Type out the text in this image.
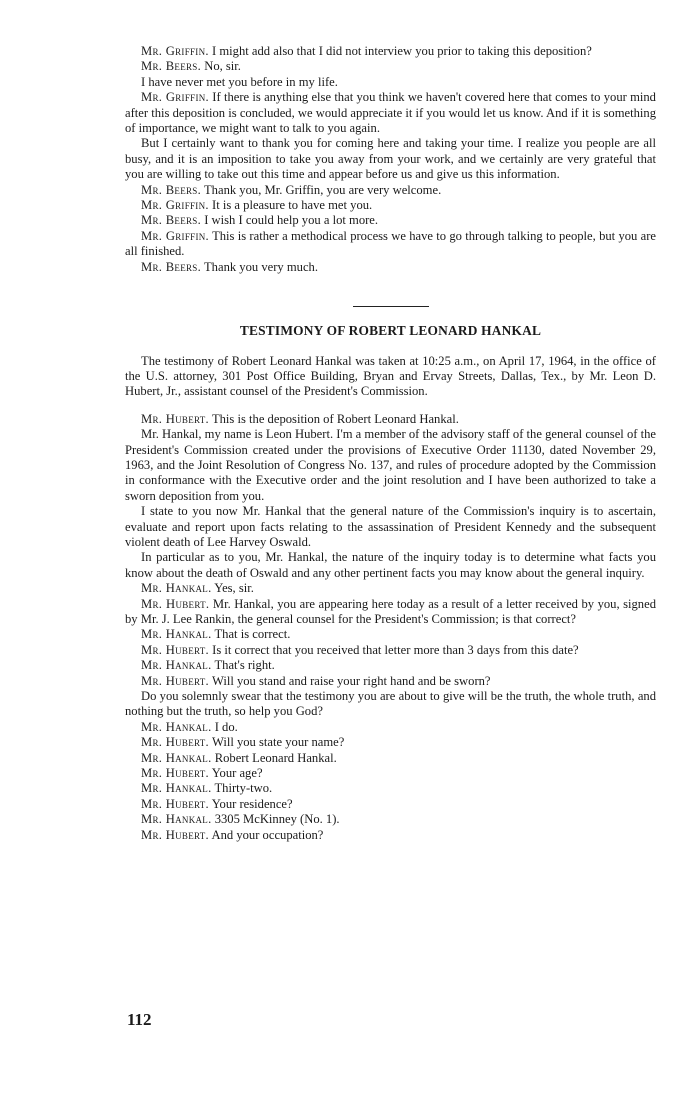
Mr. Griffin. I might add also that I did not interview you prior to taking this deposition?

Mr. Beers. No, sir.

I have never met you before in my life.

Mr. Griffin. If there is anything else that you think we haven't covered here that comes to your mind after this deposition is concluded, we would appreciate it if you would let us know. And if it is something of importance, we might want to talk to you again.

But I certainly want to thank you for coming here and taking your time. I realize you people are all busy, and it is an imposition to take you away from your work, and we certainly are very grateful that you are willing to take out this time and appear before us and give us this information.

Mr. Beers. Thank you, Mr. Griffin, you are very welcome.

Mr. Griffin. It is a pleasure to have met you.

Mr. Beers. I wish I could help you a lot more.

Mr. Griffin. This is rather a methodical process we have to go through talking to people, but you are all finished.

Mr. Beers. Thank you very much.

TESTIMONY OF ROBERT LEONARD HANKAL

The testimony of Robert Leonard Hankal was taken at 10:25 a.m., on April 17, 1964, in the office of the U.S. attorney, 301 Post Office Building, Bryan and Ervay Streets, Dallas, Tex., by Mr. Leon D. Hubert, Jr., assistant counsel of the President's Commission.

Mr. Hubert. This is the deposition of Robert Leonard Hankal.

Mr. Hankal, my name is Leon Hubert. I'm a member of the advisory staff of the general counsel of the President's Commission created under the provisions of Executive Order 11130, dated November 29, 1963, and the Joint Resolution of Congress No. 137, and rules of procedure adopted by the Commission in conformance with the Executive order and the joint resolution and I have been authorized to take a sworn deposition from you.

I state to you now Mr. Hankal that the general nature of the Commission's inquiry is to ascertain, evaluate and report upon facts relating to the assassination of President Kennedy and the subsequent violent death of Lee Harvey Oswald.

In particular as to you, Mr. Hankal, the nature of the inquiry today is to determine what facts you know about the death of Oswald and any other pertinent facts you may know about the general inquiry.

Mr. Hankal. Yes, sir.

Mr. Hubert. Mr. Hankal, you are appearing here today as a result of a letter received by you, signed by Mr. J. Lee Rankin, the general counsel for the President's Commission; is that correct?

Mr. Hankal. That is correct.

Mr. Hubert. Is it correct that you received that letter more than 3 days from this date?

Mr. Hankal. That's right.

Mr. Hubert. Will you stand and raise your right hand and be sworn?

Do you solemnly swear that the testimony you are about to give will be the truth, the whole truth, and nothing but the truth, so help you God?

Mr. Hankal. I do.

Mr. Hubert. Will you state your name?

Mr. Hankal. Robert Leonard Hankal.

Mr. Hubert. Your age?

Mr. Hankal. Thirty-two.

Mr. Hubert. Your residence?

Mr. Hankal. 3305 McKinney (No. 1).

Mr. Hubert. And your occupation?

112
